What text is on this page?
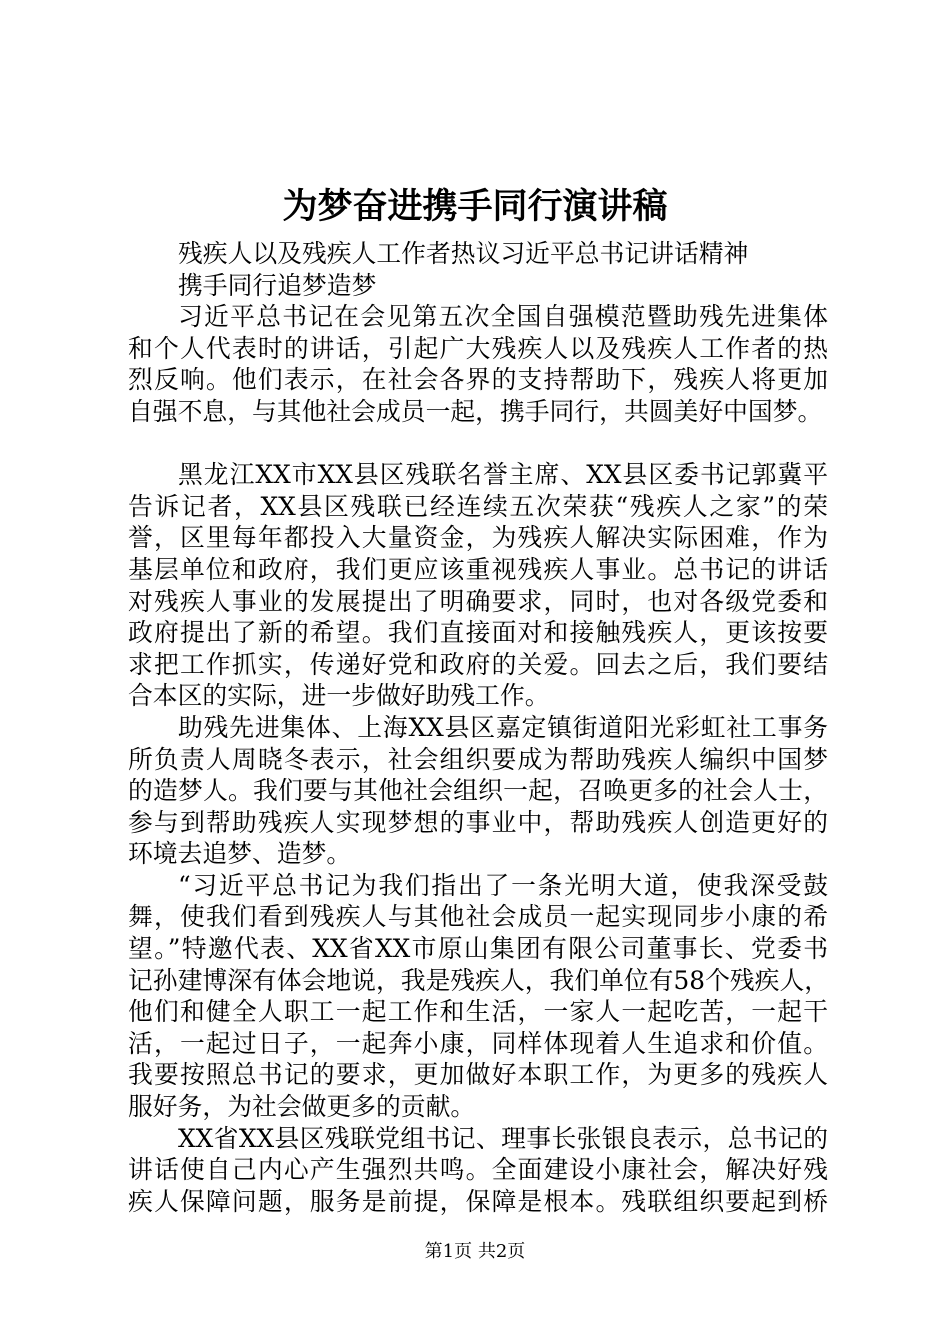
为梦奋进携手同行演讲稿
残疾人以及残疾人工作者热议习近平总书记讲话精神
携手同行追梦造梦
习近平总书记在会见第五次全国自强模范暨助残先进集体
和个人代表时的讲话，引起广大残疾人以及残疾人工作者的热
烈反响。他们表示，在社会各界的支持帮助下，残疾人将更加
自强不息，与其他社会成员一起，携手同行，共圆美好中国梦。
黑龙江XX市XX县区残联名誉主席、XX县区委书记郭冀平
告诉记者，XX县区残联已经连续五次荣获“残疾人之家”的荣
誉，区里每年都投入大量资金，为残疾人解决实际困难，作为
基层单位和政府，我们更应该重视残疾人事业。总书记的讲话
对残疾人事业的发展提出了明确要求，同时，也对各级党委和
政府提出了新的希望。我们直接面对和接触残疾人，更该按要
求把工作抓实，传递好党和政府的关爱。回去之后，我们要结
合本区的实际，进一步做好助残工作。
助残先进集体、上海XX县区嘉定镇街道阳光彩虹社工事务
所负责人周晓冬表示，社会组织要成为帮助残疾人编织中国梦
的造梦人。我们要与其他社会组织一起，召唤更多的社会人士，
参与到帮助残疾人实现梦想的事业中，帮助残疾人创造更好的
环境去追梦、造梦。
“习近平总书记为我们指出了一条光明大道，使我深受鼓
舞，使我们看到残疾人与其他社会成员一起实现同步小康的希
望。”特邀代表、XX省XX市原山集团有限公司董事长、党委书
记孙建博深有体会地说，我是残疾人，我们单位有58个残疾人，
他们和健全人职工一起工作和生活，一家人一起吃苦，一起干
活，一起过日子，一起奔小康，同样体现着人生追求和价值。
我要按照总书记的要求，更加做好本职工作，为更多的残疾人
服好务，为社会做更多的贡献。
XX省XX县区残联党组书记、理事长张银良表示，总书记的
讲话使自己内心产生强烈共鸣。全面建设小康社会，解决好残
疾人保障问题，服务是前提，保障是根本。残联组织要起到桥
第1页 共2页
